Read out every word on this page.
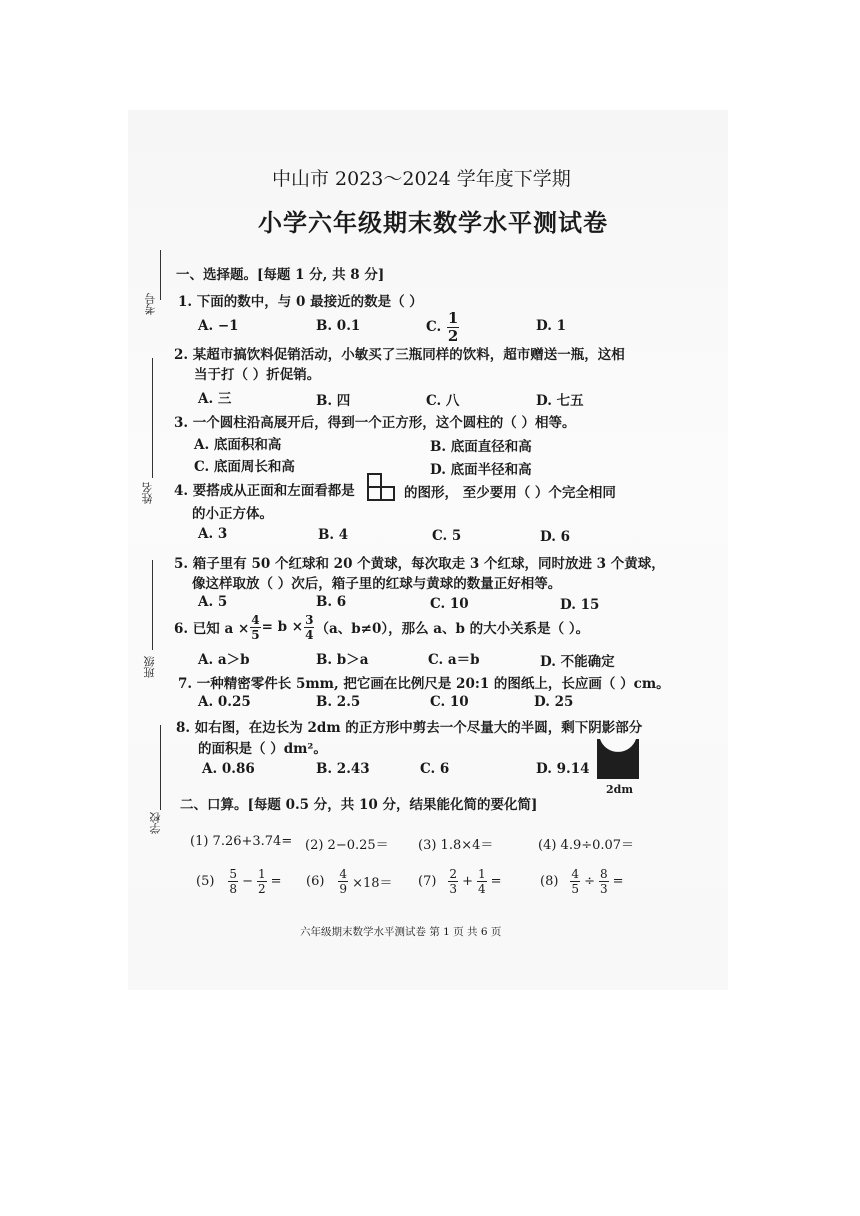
中山市 2023～2024 学年度下学期
小学六年级期末数学水平测试卷
考号
姓名
班级
学校
一、选择题。[每题 1 分, 共 8 分]
1. 下面的数中，与 0 最接近的数是（ ）
A. −1	B. 0.1	C. $\frac{1}{2}$	D. 1
2. 某超市搞饮料促销活动，小敏买了三瓶同样的饮料，超市赠送一瓶，这相
当于打（ ）折促销。
A. 三	B. 四	C. 八	D. 七五
3. 一个圆柱沿高展开后，得到一个正方形，这个圆柱的（ ）相等。
A. 底面积和高	B. 底面直径和高
C. 底面周长和高	D. 底面半径和高
4. 要搭成从正面和左面看都是	的图形， 至少要用（ ）个完全相同
的小正方体。
A. 3	B. 4	C. 5	D. 6
5. 箱子里有 50 个红球和 20 个黄球，每次取走 3 个红球，同时放进 3 个黄球，
像这样取放（ ）次后，箱子里的红球与黄球的数量正好相等。
A. 5	B. 6	C. 10	D. 15
6. 已知 $a \times \frac{4}{5} = b \times \frac{3}{4} (a$、b≠0），那么 a、b 的大小关系是（ ）。
A. a＞b	B. b＞a	C. a＝b	D. 不能确定
7. 一种精密零件长 5mm, 把它画在比例尺是 20:1 的图纸上，长应画（ ）cm。
A. 0.25	B. 2.5	C. 10	D. 25
8. 如右图，在边长为 2dm 的正方形中剪去一个尽量大的半圆，剩下阴影部分
的面积是（ ）dm²。
A. 0.86	B. 2.43	C. 6	D. 9.14
2dm
二、口算。[每题 0.5 分，共 10 分，结果能化简的要化简]
(1) 7.26+3.74= (2) 2−0.25＝ (3) 1.8×4＝	(4) 4.9÷0.07＝
$(5) \frac{5}{8} - \frac{1}{2} = (6) \frac{4}{9} \times 18= (7) \frac{2}{3} + \frac{1}{4}$ =	$(8) \frac{4}{5} \div \frac{8}{3}$ =
六年级期末数学水平测试卷 第 1 页 共 6 页
